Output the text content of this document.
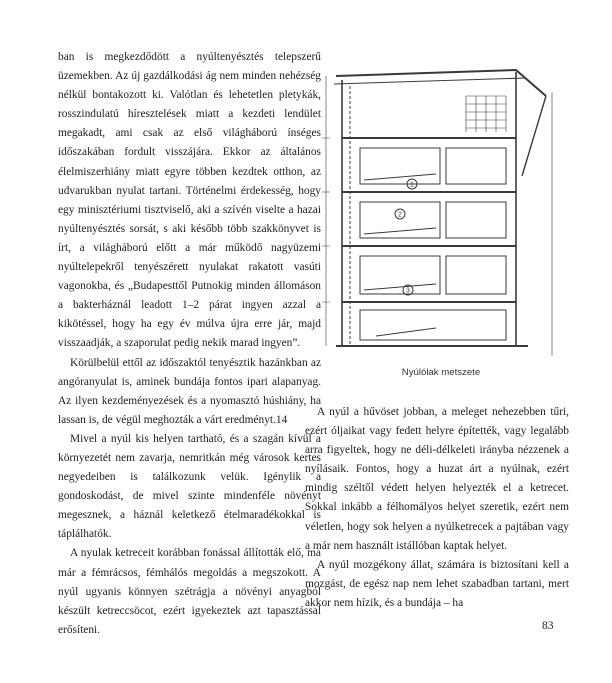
ban is megkezdődött a nyúltenyésztés telepszerű üzemekben. Az új gazdálkodási ág nem minden nehézség nélkül bontakozott ki. Valótlan és lehetetlen pletykák, rosszindulatú híresztelések miatt a kezdeti lendület megakadt, ami csak az első világháború ínséges időszakában fordult visszájára. Ekkor az általános élelmiszerhiány miatt egyre többen kezdtek otthon, az udvarukban nyulat tartani. Történelmi érdekesség, hogy egy minisztériumi tisztviselő, aki a szívén viselte a hazai nyúltenyésztés sorsát, s aki később több szakkönyvet is írt, a világháború előtt a már működő nagyüzemi nyúltelepekről tenyészérett nyulakat rakatott vasúti vagonokba, és „Budapesttől Putnokig minden állomáson a bakterháznál leadott 1–2 párat ingyen azzal a kikötéssel, hogy ha egy év múlva újra erre jár, majd visszaadják, a szaporulat pedig nekik marad ingyen”.

Körülbelül ettől az időszaktól tenyésztik hazánkban az angóranyulat is, aminek bundája fontos ipari alapanyag. Az ilyen kezdeményezések és a nyomasztó húshiány, ha lassan is, de végül meghozták a várt eredményt.14

Mivel a nyúl kis helyen tartható, és a szagán kívül a környezetét nem zavarja, nemritkán még városok kertes negyedeiben is találkozunk velük. Igénylik a gondoskodást, de mivel szinte mindenféle növényt megesznek, a háznál keletkező ételmaradékokkal is táplálhatók.

A nyulak ketreceit korábban fonással állították elő, ma már a fémrácsos, fémhálós megoldás a megszokott. A nyúl ugyanis könnyen szétrágja a növényi anyagból készült ketreccsöcot, ezért igyekeztek azt tapasztással erősíteni.

1
2
3
Nyúlólak metszete

A nyúl a hűvöset jobban, a meleget nehezebben tűri, ezért óljaikat vagy fedett helyre építették, vagy legalább arra figyeltek, hogy ne déli-délkeleti irányba nézzenek a nyílásaik. Fontos, hogy a huzat árt a nyúlnak, ezért mindig széltől védett helyen helyezték el a ketrecet. Sokkal inkább a félhomályos helyet szeretik, ezért nem véletlen, hogy sok helyen a nyúlketrecek a pajtában vagy a már nem használt istállóban kaptak helyet.

A nyúl mozgékony állat, számára is biztosítani kell a mozgást, de egész nap nem lehet szabadban tartani, mert akkor nem hízik, és a bundája – ha

83
